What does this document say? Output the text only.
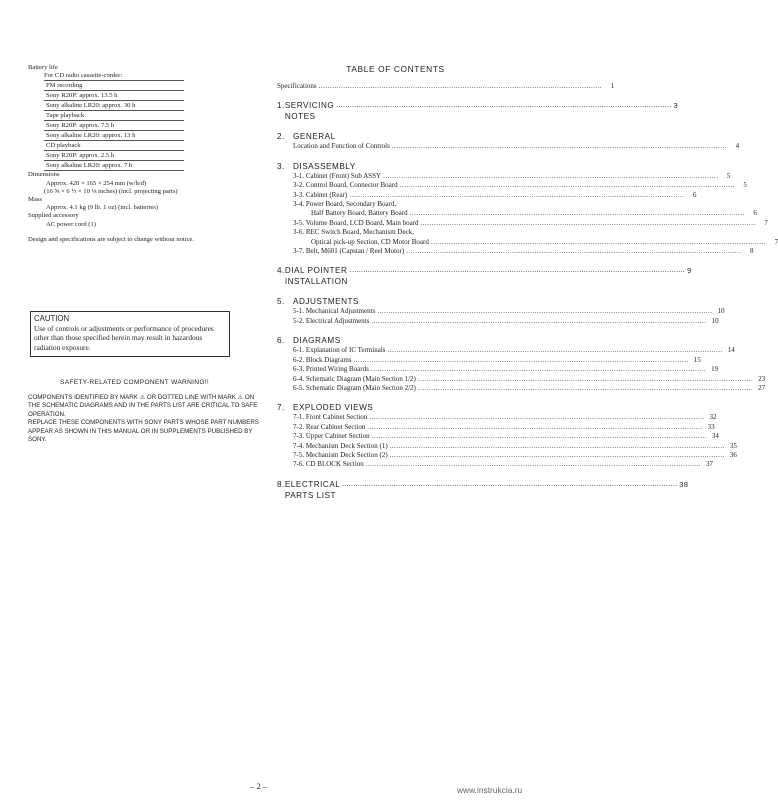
Battery life
For CD radio cassette-corder:
FM recording
Sony R20P: approx. 13.5 h
Sony alkaline LR20: approx. 30 h
Tape playback
Sony R20P: approx. 7.5 h
Sony alkaline LR20: approx. 13 h
CD playback
Sony R20P: approx. 2.5 h
Sony alkaline LR20: approx. 7 h
Dimensions
Approx. 420 × 165 × 254 mm (w/h/d)
(16 ⅝ × 6 ½ × 10 ⅛ inches) (incl. projecting parts)
Mass
Approx. 4.1 kg (9 lb. 1 oz) (incl. batteries)
Supplied accessory
AC power cord (1)
Design and specifications are subject to change without notice.
CAUTION
Use of controls or adjustments or performance of procedures other than those specified herein may result in hazardous radiation exposure.
SAFETY-RELATED COMPONENT WARNING!!
COMPONENTS IDENTIFIED BY MARK ⚠ OR DOTTED LINE WITH MARK ⚠ ON THE SCHEMATIC DIAGRAMS AND IN THE PARTS LIST ARE CRITICAL TO SAFE OPERATION.
REPLACE THESE COMPONENTS WITH SONY PARTS WHOSE PART NUMBERS APPEAR AS SHOWN IN THIS MANUAL OR IN SUPPLEMENTS PUBLISHED BY SONY.
TABLE OF CONTENTS
Specifications ..............................................................................................................................	1
1. SERVICING NOTES
..................................................................................................................................................... 3
2. GENERAL
Location and Function of Controls .....................................................................................................................................................	4
3. DISASSEMBLY
3-1. Cabinet (Front) Sub ASSY .....................................................................................................................................................	5
3-2. Control Board, Connector Board .....................................................................................................................................................	5
3-3. Cabinet (Rear) .....................................................................................................................................................	6
3-4. Power Board, Secondary Board,
Half Battery Board, Battery Board .....................................................................................................................................................	6
3-5. Volume Board, LCD Board, Main board .....................................................................................................................................................	7
3-6. REC Switch Board, Mechanism Deck,
Optical pick-up Section, CD Motor Board .....................................................................................................................................................	7
3-7. Belt, M601 (Capstan / Reel Motor) .....................................................................................................................................................	8
4. DIAL POINTER INSTALLATION
..................................................................................................................................................... 9
5. ADJUSTMENTS
5-1. Mechanical Adjustments ..................................................................................................................................................... 10
5-2. Electrical Adjustments ..................................................................................................................................................... 10
6. DIAGRAMS
6-1. Explanation of IC Terminals ..................................................................................................................................................... 14
6-2. Block Diagrams ..................................................................................................................................................... 15
6-3. Printed Wiring Boards ..................................................................................................................................................... 19
6-4. Schematic Diagram (Main Section 1/2) ..................................................................................................................................................... 23
6-5. Schematic Diagram (Main Section 2/2) ..................................................................................................................................................... 27
7. EXPLODED VIEWS
7-1. Front Cabinet Section ..................................................................................................................................................... 32
7-2. Rear Cabinet Section ..................................................................................................................................................... 33
7-3. Upper Cabinet Section ..................................................................................................................................................... 34
7-4. Mechanism Deck Section (1) ..................................................................................................................................................... 35
7-5. Mechanism Deck Section (2) ..................................................................................................................................................... 36
7-6. CD BLOCK Section ..................................................................................................................................................... 37
8. ELECTRICAL PARTS LIST
..................................................................................................................................................... 38
– 2 –	www.instrukcia.ru
